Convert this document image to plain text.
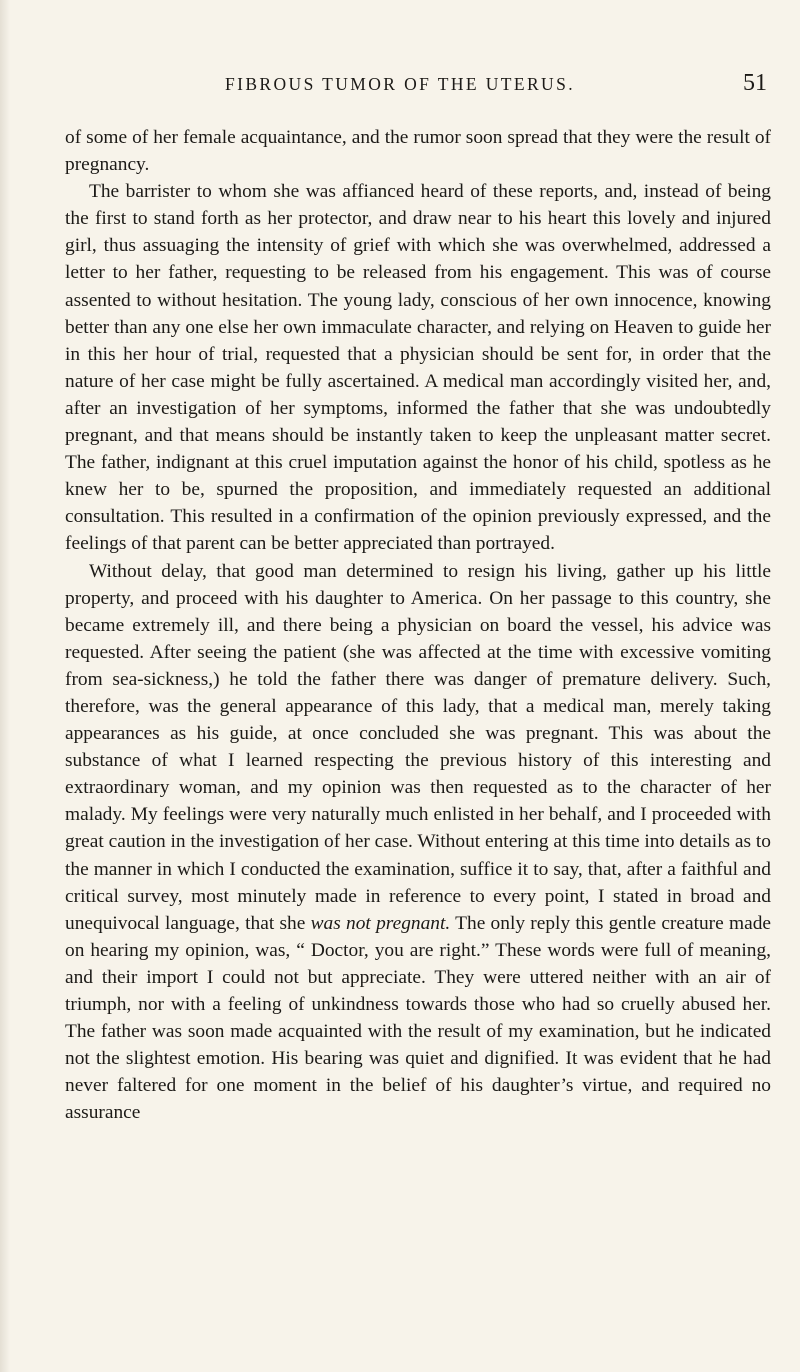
FIBROUS TUMOR OF THE UTERUS.	51

of some of her female acquaintance, and the rumor soon spread that they were the result of pregnancy.

The barrister to whom she was affianced heard of these reports, and, instead of being the first to stand forth as her protector, and draw near to his heart this lovely and injured girl, thus assuaging the intensity of grief with which she was overwhelmed, addressed a letter to her father, requesting to be released from his engagement. This was of course assented to without hesitation. The young lady, conscious of her own innocence, knowing better than any one else her own immaculate character, and relying on Heaven to guide her in this her hour of trial, requested that a physician should be sent for, in order that the nature of her case might be fully ascertained. A medical man accordingly visited her, and, after an investigation of her symptoms, informed the father that she was undoubtedly pregnant, and that means should be instantly taken to keep the unpleasant matter secret. The father, indignant at this cruel imputation against the honor of his child, spotless as he knew her to be, spurned the proposition, and immediately requested an additional consultation. This resulted in a confirmation of the opinion previously expressed, and the feelings of that parent can be better appreciated than portrayed.

Without delay, that good man determined to resign his living, gather up his little property, and proceed with his daughter to America. On her passage to this country, she became extremely ill, and there being a physician on board the vessel, his advice was requested. After seeing the patient (she was affected at the time with excessive vomiting from sea-sickness,) he told the father there was danger of premature delivery. Such, therefore, was the general appearance of this lady, that a medical man, merely taking appearances as his guide, at once concluded she was pregnant. This was about the substance of what I learned respecting the previous history of this interesting and extraordinary woman, and my opinion was then requested as to the character of her malady. My feelings were very naturally much enlisted in her behalf, and I proceeded with great caution in the investigation of her case. Without entering at this time into details as to the manner in which I conducted the examination, suffice it to say, that, after a faithful and critical survey, most minutely made in reference to every point, I stated in broad and unequivocal language, that she was not pregnant. The only reply this gentle creature made on hearing my opinion, was, “ Doctor, you are right.” These words were full of meaning, and their import I could not but appreciate. They were uttered neither with an air of triumph, nor with a feeling of unkindness towards those who had so cruelly abused her. The father was soon made acquainted with the result of my examination, but he indicated not the slightest emotion. His bearing was quiet and dignified. It was evident that he had never faltered for one moment in the belief of his daughter’s virtue, and required no assurance
